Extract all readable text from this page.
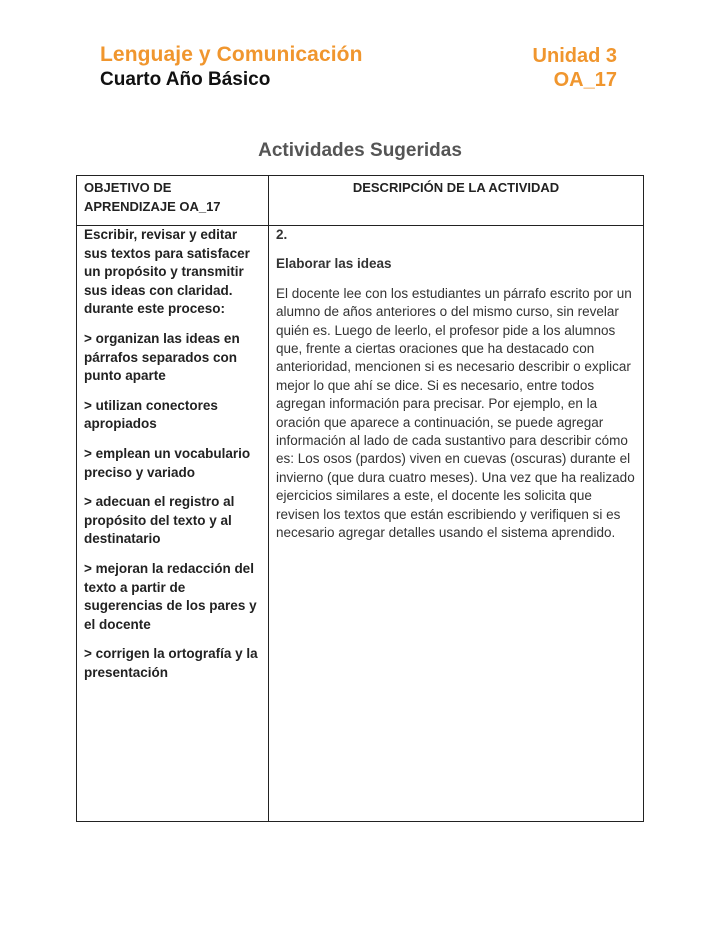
Lenguaje y Comunicación
Cuarto Año Básico
Unidad 3
OA_17
Actividades Sugeridas
OBJETIVO DE APRENDIZAJE OA_17
DESCRIPCIÓN DE LA ACTIVIDAD

Escribir, revisar y editar sus textos para satisfacer un propósito y transmitir sus ideas con claridad. durante este proceso:

> organizan las ideas en párrafos separados con punto aparte

> utilizan conectores apropiados

> emplean un vocabulario preciso y variado

> adecuan el registro al propósito del texto y al destinatario

> mejoran la redacción del texto a partir de sugerencias de los pares y el docente

> corrigen la ortografía y la presentación

2.

Elaborar las ideas

El docente lee con los estudiantes un párrafo escrito por un alumno de años anteriores o del mismo curso, sin revelar quién es. Luego de leerlo, el profesor pide a los alumnos que, frente a ciertas oraciones que ha destacado con anterioridad, mencionen si es necesario describir o explicar mejor lo que ahí se dice. Si es necesario, entre todos agregan información para precisar. Por ejemplo, en la oración que aparece a continuación, se puede agregar información al lado de cada sustantivo para describir cómo es: Los osos (pardos) viven en cuevas (oscuras) durante el invierno (que dura cuatro meses). Una vez que ha realizado ejercicios similares a este, el docente les solicita que revisen los textos que están escribiendo y verifiquen si es necesario agregar detalles usando el sistema aprendido.
